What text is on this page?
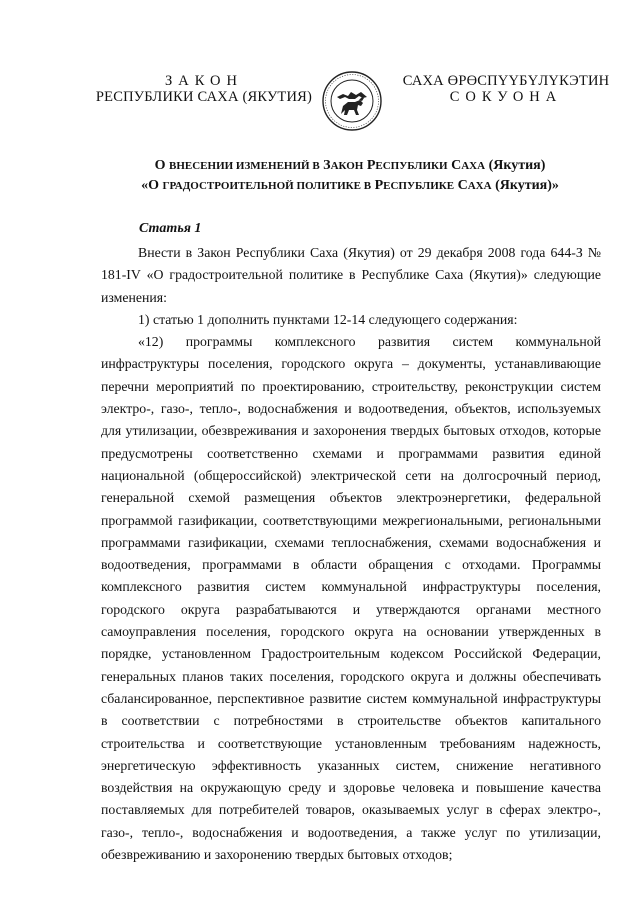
ЗАКОН
РЕСПУБЛИКИ САХА (ЯКУТИЯ)
САХА ӨРӨСПҮҮБҮЛҮКЭТИН
СОКУОНА
О ВНЕСЕНИИ ИЗМЕНЕНИЙ В ЗАКОН РЕСПУБЛИКИ САХА (Якутия)
«О ГРАДОСТРОИТЕЛЬНОЙ ПОЛИТИКЕ В РЕСПУБЛИКЕ САХА (Якутия)»
Статья 1

Внести в Закон Республики Саха (Якутия) от 29 декабря 2008 года 644-З № 181-IV «О градостроительной политике в Республике Саха (Якутия)» следующие изменения:

1) статью 1 дополнить пунктами 12-14 следующего содержания:

«12) программы комплексного развития систем коммунальной инфраструктуры поселения, городского округа – документы, устанавливающие перечни мероприятий по проектированию, строительству, реконструкции систем электро-, газо-, тепло-, водоснабжения и водоотведения, объектов, используемых для утилизации, обезвреживания и захоронения твердых бытовых отходов, которые предусмотрены соответственно схемами и программами развития единой национальной (общероссийской) электрической сети на долгосрочный период, генеральной схемой размещения объектов электроэнергетики, федеральной программой газификации, соответствующими межрегиональными, региональными программами газификации, схемами теплоснабжения, схемами водоснабжения и водоотведения, программами в области обращения с отходами. Программы комплексного развития систем коммунальной инфраструктуры поселения, городского округа разрабатываются и утверждаются органами местного самоуправления поселения, городского округа на основании утвержденных в порядке, установленном Градостроительным кодексом Российской Федерации, генеральных планов таких поселения, городского округа и должны обеспечивать сбалансированное, перспективное развитие систем коммунальной инфраструктуры в соответствии с потребностями в строительстве объектов капитального строительства и соответствующие установленным требованиям надежность, энергетическую эффективность указанных систем, снижение негативного воздействия на окружающую среду и здоровье человека и повышение качества поставляемых для потребителей товаров, оказываемых услуг в сферах электро-, газо-, тепло-, водоснабжения и водоотведения, а также услуг по утилизации, обезвреживанию и захоронению твердых бытовых отходов;
